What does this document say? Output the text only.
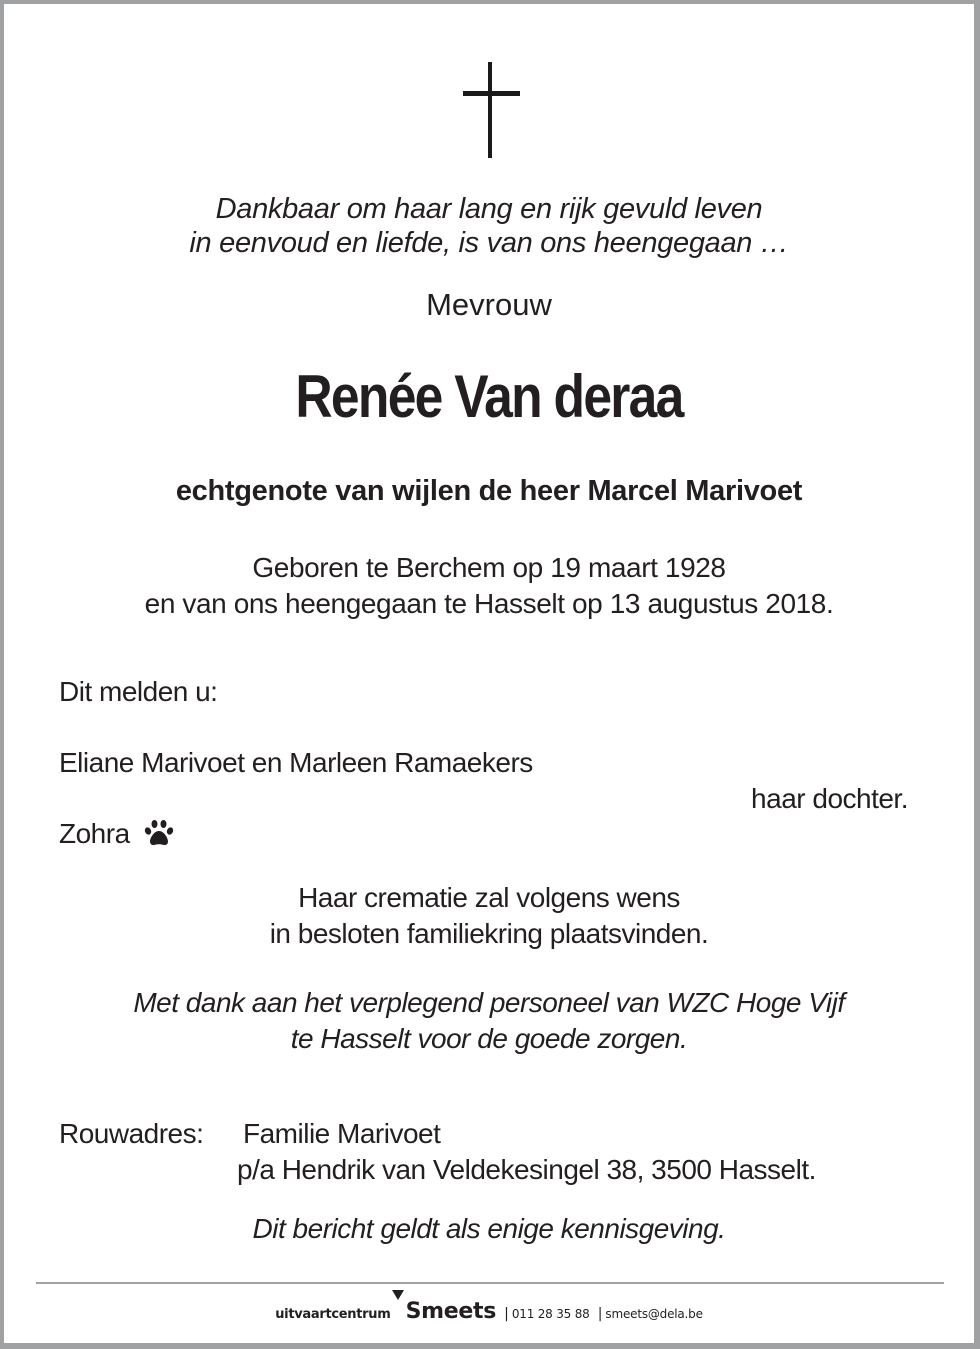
Dankbaar om haar lang en rijk gevuld leven
in eenvoud en liefde, is van ons heengegaan …
Mevrouw
Renée Van deraa
echtgenote van wijlen de heer Marcel Marivoet
Geboren te Berchem op 19 maart 1928
en van ons heengegaan te Hasselt op 13 augustus 2018.
Dit melden u:
Eliane Marivoet en Marleen Ramaekers
haar dochter.
Zohra
Haar crematie zal volgens wens
in besloten familiekring plaatsvinden.
Met dank aan het verplegend personeel van WZC Hoge Vijf
te Hasselt voor de goede zorgen.
Rouwadres: Familie Marivoet
p/a Hendrik van Veldekesingel 38, 3500 Hasselt.
Dit bericht geldt als enige kennisgeving.
uitvaartcentrum Smeets | 011 28 35 88 | smeets@dela.be
